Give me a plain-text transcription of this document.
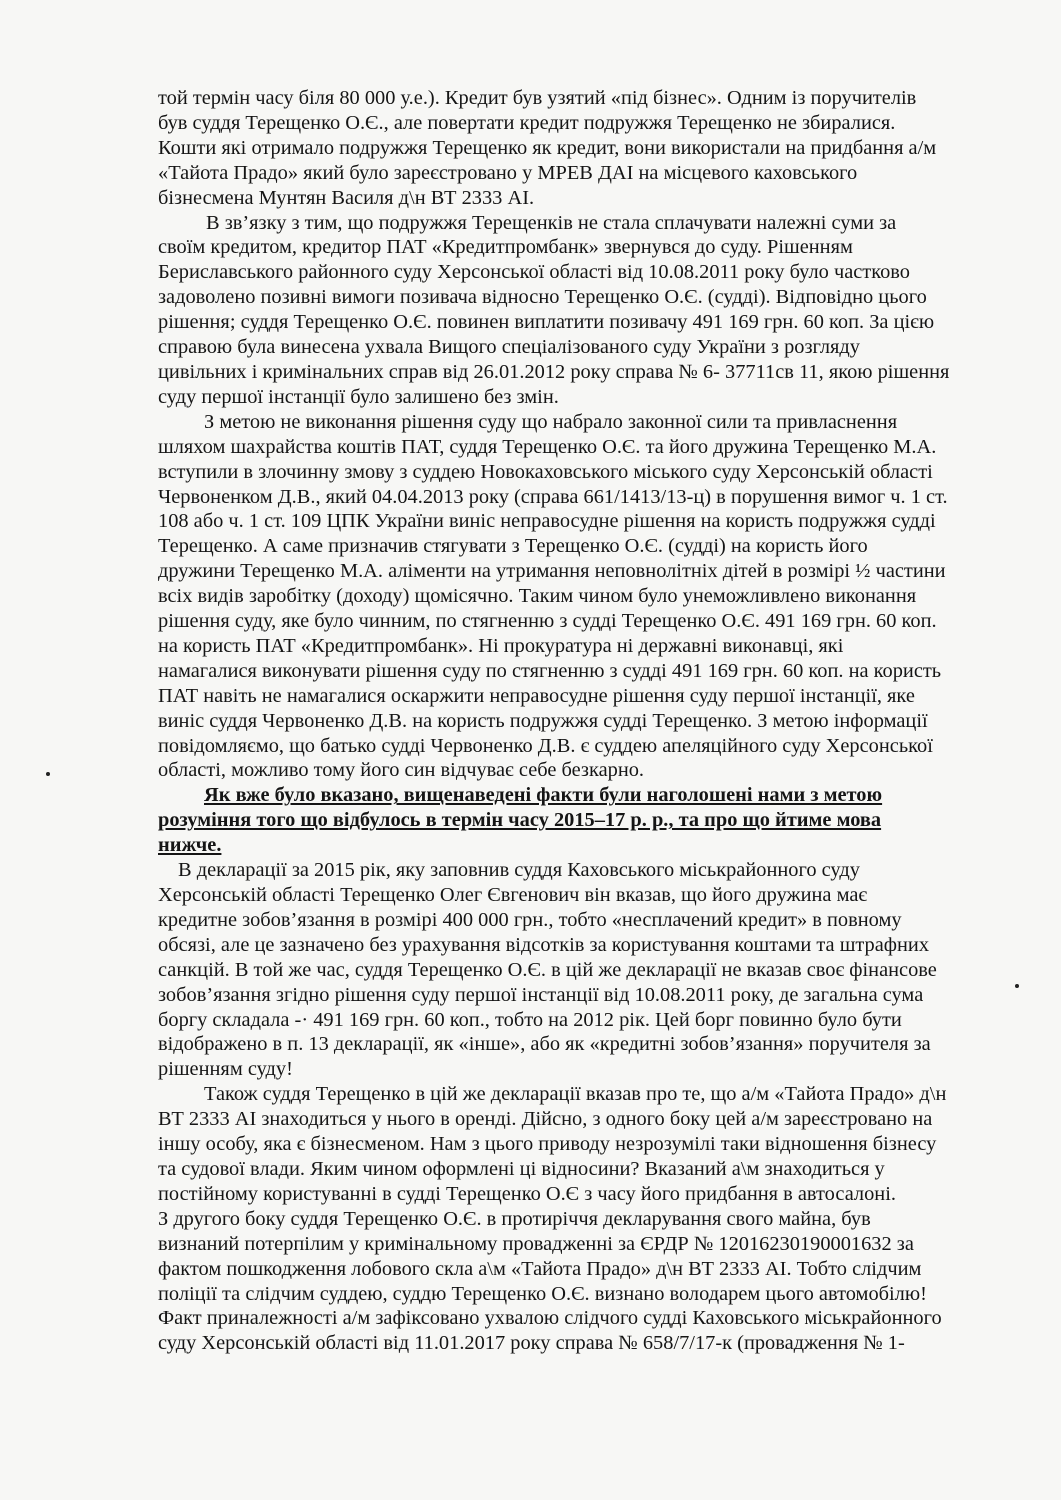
той термін часу біля 80 000 у.е.). Кредит був узятий «під бізнес». Одним із поручителів
був суддя Терещенко О.Є., але повертати кредит подружжя Терещенко не збиралися.
Кошти які отримало подружжя Терещенко як кредит, вони використали на придбання а/м
«Тайота Прадо» який було зареєстровано у МРЕВ ДАІ на місцевого каховського
бізнесмена Мунтян Василя д\н ВТ 2333 АІ.
В зв’язку з тим, що подружжя Терещенків не стала сплачувати належні суми за
своїм кредитом, кредитор ПАТ «Кредитпромбанк» звернувся до суду. Рішенням
Бериславського районного суду Херсонської області від 10.08.2011 року було частково
задоволено позивні вимоги позивача відносно Терещенко О.Є. (судді). Відповідно цього
рішення; суддя Терещенко О.Є. повинен виплатити позивачу 491 169 грн. 60 коп. За цією
справою була винесена ухвала Вищого спеціалізованого суду України з розгляду
цивільних і кримінальних справ від 26.01.2012 року справа № 6- 37711св 11, якою рішення
суду першої інстанції було залишено без змін.
З метою не виконання рішення суду що набрало законної сили та привласнення
шляхом шахрайства коштів ПАТ, суддя Терещенко О.Є. та його дружина Терещенко М.А.
вступили в злочинну змову з суддею Новокаховського міського суду Херсонській області
Червоненком Д.В., який 04.04.2013 року (справа 661/1413/13-ц) в порушення вимог ч. 1 ст.
108 або ч. 1 ст. 109 ЦПК України виніс неправосудне рішення на користь подружжя судді
Терещенко. А саме призначив стягувати з Терещенко О.Є. (судді) на користь його
дружини Терещенко М.А. аліменти на утримання неповнолітніх дітей в розмірі ½ частини
всіх видів заробітку (доходу) щомісячно. Таким чином було унеможливлено виконання
рішення суду, яке було чинним, по стягненню з судді Терещенко О.Є. 491 169 грн. 60 коп.
на користь ПАТ «Кредитпромбанк». Ні прокуратура ні державні виконавці, які
намагалися виконувати рішення суду по стягненню з судді 491 169 грн. 60 коп. на користь
ПАТ навіть не намагалися оскаржити неправосудне рішення суду першої інстанції, яке
виніс суддя Червоненко Д.В. на користь подружжя судді Терещенко. З метою інформації
повідомляємо, що батько судді Червоненко Д.В. є суддею апеляційного суду Херсонської
області, можливо тому його син відчуває себе безкарно.
Як вже було вказано, вищенаведені факти були наголошені нами з метою
розуміння того що відбулось в термін часу 2015–17 р. р., та про що йтиме мова
нижче.
В декларації за 2015 рік, яку заповнив суддя Каховського міськрайонного суду
Херсонській області Терещенко Олег Євгенович він вказав, що його дружина має
кредитне зобов’язання в розмірі 400 000 грн., тобто «несплачений кредит» в повному
обсязі, але це зазначено без урахування відсотків за користування коштами та штрафних
санкцій. В той же час, суддя Терещенко О.Є. в цій же декларації не вказав своє фінансове
зобов’язання згідно рішення суду першої інстанції від 10.08.2011 року, де загальна сума
боргу складала -· 491 169 грн. 60 коп., тобто на 2012 рік. Цей борг повинно було бути
відображено в п. 13 декларації, як «інше», або як «кредитні зобов’язання» поручителя за
рішенням суду!
Також суддя Терещенко в цій же декларації вказав про те, що а/м «Тайота Прадо» д\н
ВТ 2333 АІ знаходиться у нього в оренді. Дійсно, з одного боку цей а/м зареєстровано на
іншу особу, яка є бізнесменом. Нам з цього приводу незрозумілі таки відношення бізнесу
та судової влади. Яким чином оформлені ці відносини? Вказаний а\м знаходиться у
постійному користуванні в судді Терещенко О.Є з часу його придбання в автосалоні.
З другого боку суддя Терещенко О.Є. в протиріччя декларування свого майна, був
визнаний потерпілим у кримінальному провадженні за ЄРДР № 12016230190001632 за
фактом пошкодження лобового скла а\м «Тайота Прадо» д\н ВТ 2333 АІ. Тобто слідчим
поліції та слідчим суддею, суддю Терещенко О.Є. визнано володарем цього автомобілю!
Факт приналежності а/м зафіксовано ухвалою слідчого судді Каховського міськрайонного
суду Херсонській області від 11.01.2017 року справа № 658/7/17-к (провадження № 1-
